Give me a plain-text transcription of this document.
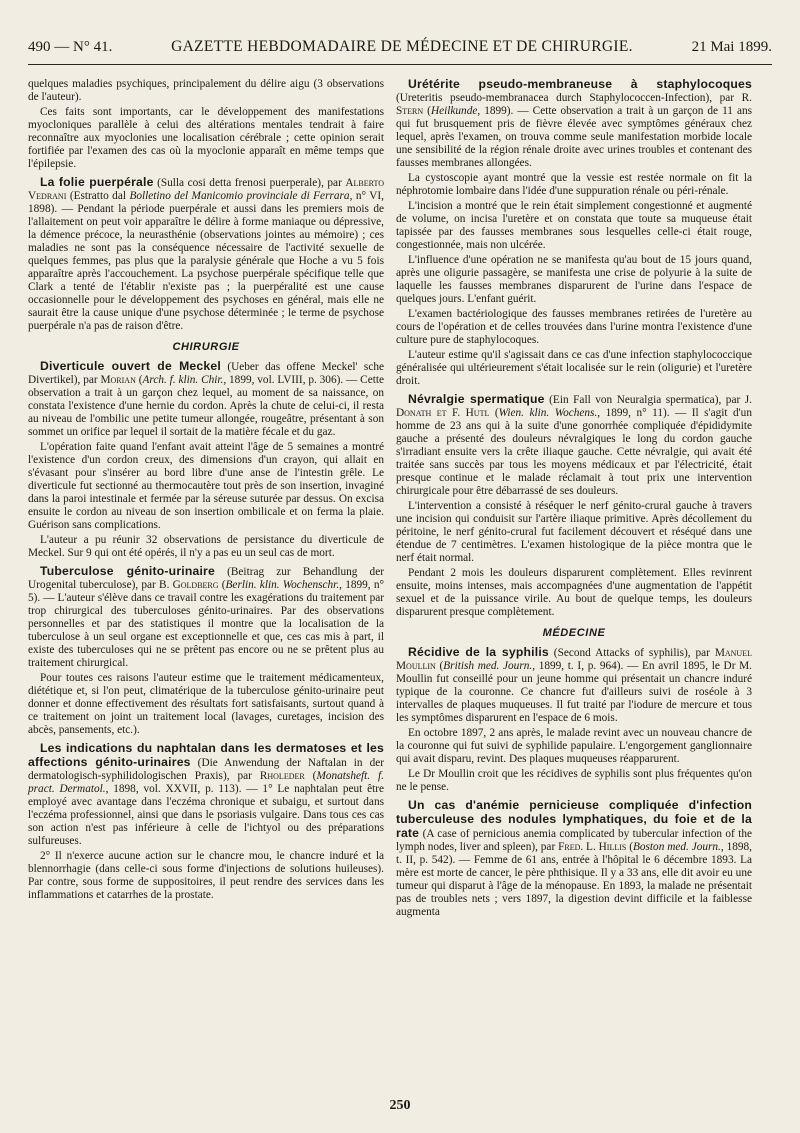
490 — N° 41.	GAZETTE HEBDOMADAIRE DE MÉDECINE ET DE CHIRURGIE.	21 Mai 1899.

quelques maladies psychiques, principalement du délire aigu (3 observations de l'auteur).

Ces faits sont importants, car le développement des manifestations myocloniques parallèle à celui des altérations mentales tendrait à faire reconnaître aux myoclonies une localisation cérébrale ; cette opinion serait fortifiée par l'examen des cas où la myoclonie apparaît en même temps que l'épilepsie.

La folie puerpérale (Sulla cosi detta frenosi puerperale), par Alberto Vedrani (Estratto dal Bolletino del Manicomio provinciale di Ferrara, n° VI, 1898). — Pendant la période puerpérale et aussi dans les premiers mois de l'allaitement on peut voir apparaître le délire à forme maniaque ou dépressive, la démence précoce, la neurasthénie (observations jointes au mémoire) ; ces maladies ne sont pas la conséquence nécessaire de l'activité sexuelle de quelques femmes, pas plus que la paralysie générale que Hoche a vu 5 fois apparaître après l'accouchement. La psychose puerpérale spécifique telle que Clark a tenté de l'établir n'existe pas ; la puerpéralité est une cause occasionnelle pour le développement des psychoses en général, mais elle ne saurait être la cause unique d'une psychose déterminée ; le terme de psychose puerpérale n'a pas de raison d'être.

CHIRURGIE

Diverticule ouvert de Meckel (Ueber das offene Meckel' sche Divertikel), par Morian (Arch. f. klin. Chir., 1899, vol. LVIII, p. 306). — Cette observation a trait à un garçon chez lequel, au moment de sa naissance, on constata l'existence d'une hernie du cordon. Après la chute de celui-ci, il resta au niveau de l'ombilic une petite tumeur allongée, rougeâtre, présentant à son sommet un orifice par lequel il sortait de la matière fécale et du gaz.

L'opération faite quand l'enfant avait atteint l'âge de 5 semaines a montré l'existence d'un cordon creux, des dimensions d'un crayon, qui allait en s'évasant pour s'insérer au bord libre d'une anse de l'intestin grêle. Le diverticule fut sectionné au thermocautère tout près de son insertion, invaginé dans la paroi intestinale et fermée par la séreuse suturée par dessus. On excisa ensuite le cordon au niveau de son insertion ombilicale et on ferma la plaie. Guérison sans complications.

L'auteur a pu réunir 32 observations de persistance du diverticule de Meckel. Sur 9 qui ont été opérés, il n'y a pas eu un seul cas de mort.

Tuberculose génito-urinaire (Beitrag zur Behandlung der Urogenital tuberculose), par B. Goldberg (Berlin. klin. Wochenschr., 1899, n° 5). — L'auteur s'élève dans ce travail contre les exagérations du traitement par trop chirurgical des tuberculoses génito-urinaires. Par des observations personnelles et par des statistiques il montre que la localisation de la tuberculose à un seul organe est exceptionnelle et que, ces cas mis à part, il existe des tuberculoses qui ne se prêtent pas encore ou ne se prêtent plus au traitement chirurgical.

Pour toutes ces raisons l'auteur estime que le traitement médicamenteux, diététique et, si l'on peut, climatérique de la tuberculose génito-urinaire peut donner et donne effectivement des résultats fort satisfaisants, surtout quand à ce traitement on joint un traitement local (lavages, curetages, incision des abcès, pansements, etc.).

Les indications du naphtalan dans les dermatoses et les affections génito-urinaires (Die Anwendung der Naftalan in der dermatologisch-syphilidologischen Praxis), par Rholeder (Monatsheft. f. pract. Dermatol., 1898, vol. XXVII, p. 113). — 1° Le naphtalan peut être employé avec avantage dans l'eczéma chronique et subaigu, et surtout dans l'eczéma professionnel, ainsi que dans le psoriasis vulgaire. Dans tous ces cas son action n'est pas inférieure à celle de l'ichtyol ou des préparations sulfureuses.

2° Il n'exerce aucune action sur le chancre mou, le chancre induré et la blennorrhagie (dans celle-ci sous forme d'injections de solutions huileuses). Par contre, sous forme de suppositoires, il peut rendre des services dans les inflammations et catarrhes de la prostate.

Urétérite pseudo-membraneuse à staphylocoques (Ureteritis pseudo-membranacea durch Staphylococcen-Infection), par R. Stern (Heilkunde, 1899). — Cette observation a trait à un garçon de 11 ans qui fut brusquement pris de fièvre élevée avec symptômes généraux chez lequel, après l'examen, on trouva comme seule manifestation morbide locale une sensibilité de la région rénale droite avec urines troubles et contenant des fausses membranes allongées.

La cystoscopie ayant montré que la vessie est restée normale on fit la néphrotomie lombaire dans l'idée d'une suppuration rénale ou péri-rénale.

L'incision a montré que le rein était simplement congestionné et augmenté de volume, on incisa l'uretère et on constata que toute sa muqueuse était tapissée par des fausses membranes sous lesquelles celle-ci était rouge, congestionnée, mais non ulcérée.

L'influence d'une opération ne se manifesta qu'au bout de 15 jours quand, après une oligurie passagère, se manifesta une crise de polyurie à la suite de laquelle les fausses membranes disparurent de l'urine dans l'espace de quelques jours. L'enfant guérit.

L'examen bactériologique des fausses membranes retirées de l'uretère au cours de l'opération et de celles trouvées dans l'urine montra l'existence d'une culture pure de staphylocoques.

L'auteur estime qu'il s'agissait dans ce cas d'une infection staphylococcique généralisée qui ultérieurement s'était localisée sur le rein (oligurie) et l'uretère droit.

Névralgie spermatique (Ein Fall von Neuralgia spermatica), par J. Donath et F. Hutl (Wien. klin. Wochens., 1899, n° 11). — Il s'agit d'un homme de 23 ans qui à la suite d'une gonorrhée compliquée d'épididymite gauche a présenté des douleurs névralgiques le long du cordon gauche s'irradiant ensuite vers la crête iliaque gauche. Cette névralgie, qui avait été traitée sans succès par tous les moyens médicaux et par l'électricité, était presque continue et le malade réclamait à tout prix une intervention chirurgicale pour être débarrassé de ses douleurs.

L'intervention a consisté à réséquer le nerf génito-crural gauche à travers une incision qui conduisit sur l'artère iliaque primitive. Après décollement du péritoine, le nerf génito-crural fut facilement découvert et réséqué dans une étendue de 7 centimètres. L'examen histologique de la pièce montra que le nerf était normal.

Pendant 2 mois les douleurs disparurent complètement. Elles revinrent ensuite, moins intenses, mais accompagnées d'une augmentation de l'appétit sexuel et de la puissance virile. Au bout de quelque temps, les douleurs disparurent presque complètement.

MÉDECINE

Récidive de la syphilis (Second Attacks of syphilis), par Manuel Moullin (British med. Journ., 1899, t. I, p. 964). — En avril 1895, le Dr M. Moullin fut conseillé pour un jeune homme qui présentait un chancre induré typique de la couronne. Ce chancre fut d'ailleurs suivi de roséole à 3 intervalles de plaques muqueuses. Il fut traité par l'iodure de mercure et tous les symptômes disparurent en l'espace de 6 mois.

En octobre 1897, 2 ans après, le malade revint avec un nouveau chancre de la couronne qui fut suivi de syphilide papulaire. L'engorgement ganglionnaire qui avait disparu, revint. Des plaques muqueuses réapparurent.

Le Dr Moullin croit que les récidives de syphilis sont plus fréquentes qu'on ne le pense.

Un cas d'anémie pernicieuse compliquée d'infection tuberculeuse des nodules lymphatiques, du foie et de la rate (A case of pernicious anemia complicated by tubercular infection of the lymph nodes, liver and spleen), par Fred. L. Hillis (Boston med. Journ., 1898, t. II, p. 542). — Femme de 61 ans, entrée à l'hôpital le 6 décembre 1893. La mère est morte de cancer, le père phthisique. Il y a 33 ans, elle dit avoir eu une tumeur qui disparut à l'âge de la ménopause. En 1893, la malade ne présentait pas de troubles nets ; vers 1897, la digestion devint difficile et la faiblesse augmenta

250
